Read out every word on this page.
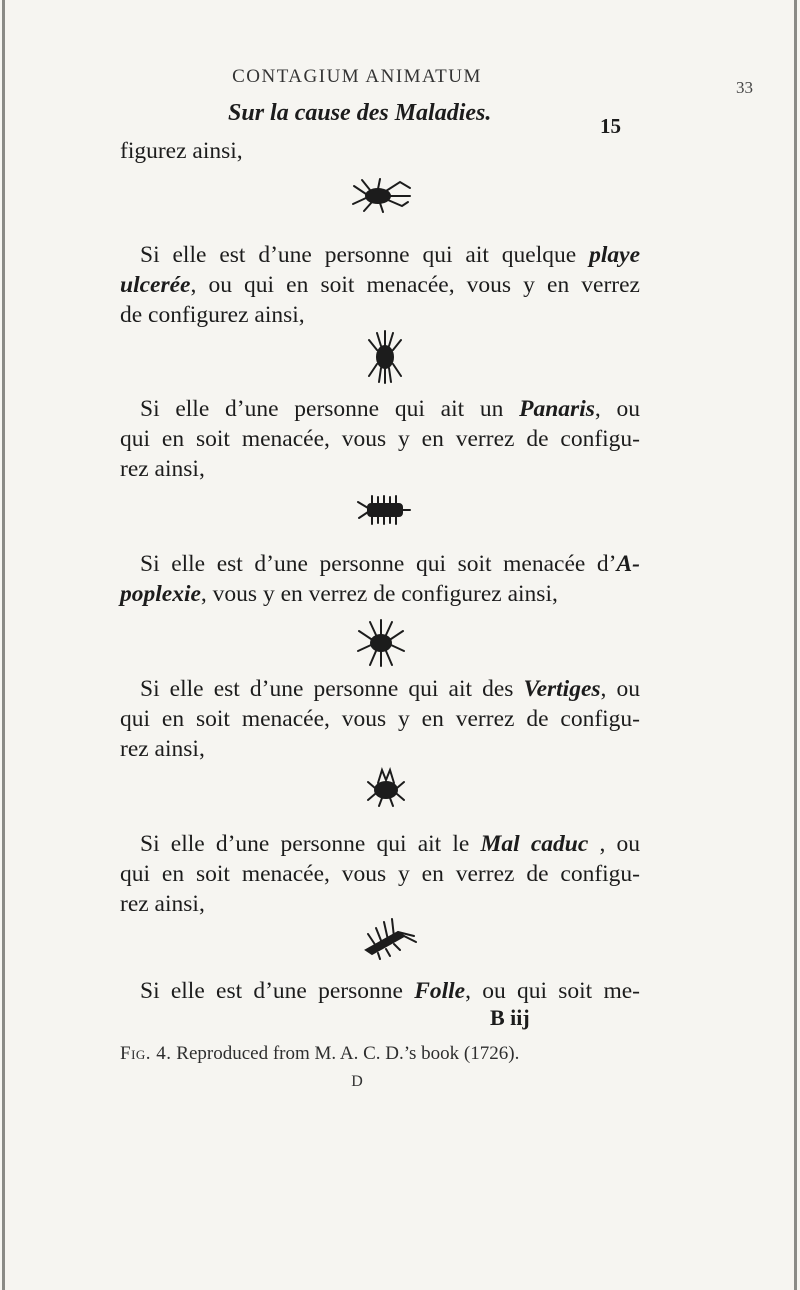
CONTAGIUM ANIMATUM
33
Sur la cause des Maladies.	15
figurez ainsi,
Si elle est d’une personne qui ait quelque playe
ulcerée, ou qui en soit menacée, vous y en verrez
de configurez ainsi,
Si elle d’une personne qui ait un Panaris, ou
qui en soit menacée, vous y en verrez de configu-
rez ainsi,
Si elle est d’une personne qui soit menacée d’A-
poplexie, vous y en verrez de configurez ainsi,
Si elle est d’une personne qui ait des Vertiges, ou
qui en soit menacée, vous y en verrez de configu-
rez ainsi,
Si elle d’une personne qui ait le Mal caduc , ou
qui en soit menacée, vous y en verrez de configu-
rez ainsi,
Si elle est d’une personne Folle, ou qui soit me-
B iij
Fig. 4. Reproduced from M. A. C. D.’s book (1726).
D
